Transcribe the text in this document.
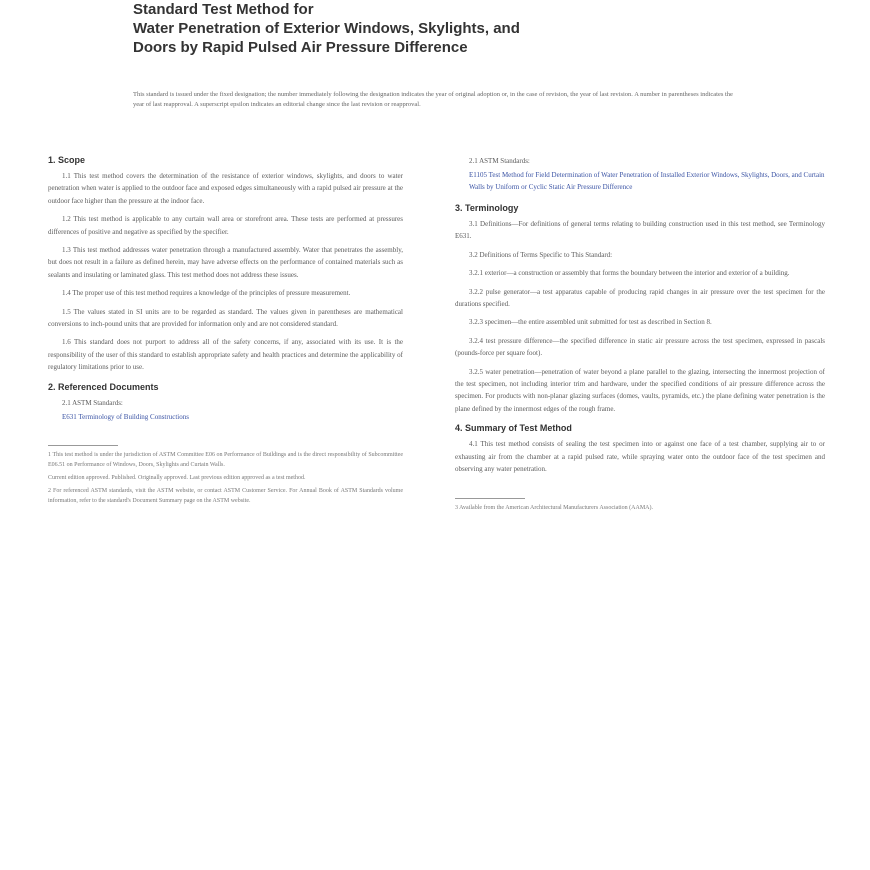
Standard Test Method for
Water Penetration of Exterior Windows, Skylights, and
Doors by Rapid Pulsed Air Pressure Difference
This standard is issued under the fixed designation; the number immediately following the designation indicates the year of original adoption or, in the case of revision, the year of last revision. A number in parentheses indicates the year of last reapproval. A superscript epsilon indicates an editorial change since the last revision or reapproval.
1. Scope

1.1 This test method covers the determination of the resistance of exterior windows, skylights, and doors to water penetration when water is applied to the outdoor face and exposed edges simultaneously with a rapid pulsed air pressure at the outdoor face higher than the pressure at the indoor face.

1.2 This test method is applicable to any curtain wall area or storefront area. These tests are performed at pressures differences of positive and negative as specified by the specifier.

1.3 This test method addresses water penetration through a manufactured assembly. Water that penetrates the assembly, but does not result in a failure as defined herein, may have adverse effects on the performance of contained materials such as sealants and insulating or laminated glass. This test method does not address these issues.

1.4 The proper use of this test method requires a knowledge of the principles of pressure measurement.

1.5 The values stated in SI units are to be regarded as standard. The values given in parentheses are mathematical conversions to inch-pound units that are provided for information only and are not considered standard.

1.6 This standard does not purport to address all of the safety concerns, if any, associated with its use. It is the responsibility of the user of this standard to establish appropriate safety and health practices and determine the applicability of regulatory limitations prior to use.

2. Referenced Documents
2.1 ASTM Standards:
E631 Terminology of Building Constructions
1 This test method is under the jurisdiction of ASTM Committee E06 on Performance of Buildings and is the direct responsibility of Subcommittee E06.51 on Performance of Windows, Doors, Skylights and Curtain Walls.
Current edition approved. Published. Originally approved. Last previous edition approved as a test method.
2 For referenced ASTM standards, visit the ASTM website, or contact ASTM Customer Service. For Annual Book of ASTM Standards volume information, refer to the standard's Document Summary page on the ASTM website.
2.1 ASTM Standards:
E1105 Test Method for Field Determination of Water Penetration of Installed Exterior Windows, Skylights, Doors, and Curtain Walls by Uniform or Cyclic Static Air Pressure Difference
3. Terminology

3.1 Definitions—For definitions of general terms relating to building construction used in this test method, see Terminology E631.

3.2 Definitions of Terms Specific to This Standard:

3.2.1 exterior—a construction or assembly that forms the boundary between the interior and exterior of a building.

3.2.2 pulse generator—a test apparatus capable of producing rapid changes in air pressure over the test specimen for the durations specified.

3.2.3 specimen—the entire assembled unit submitted for test as described in Section 8.

3.2.4 test pressure difference—the specified difference in static air pressure across the test specimen, expressed in pascals (pounds-force per square foot).

3.2.5 water penetration—penetration of water beyond a plane parallel to the glazing, intersecting the innermost projection of the test specimen, not including interior trim and hardware, under the specified conditions of air pressure difference across the specimen. For products with non-planar glazing surfaces (domes, vaults, pyramids, etc.) the plane defining water penetration is the plane defined by the innermost edges of the rough frame.

4. Summary of Test Method

4.1 This test method consists of sealing the test specimen into or against one face of a test chamber, supplying air to or exhausting air from the chamber at a rapid pulsed rate, while spraying water onto the outdoor face of the test specimen and observing any water penetration.

3 Available from the American Architectural Manufacturers Association (AAMA).
